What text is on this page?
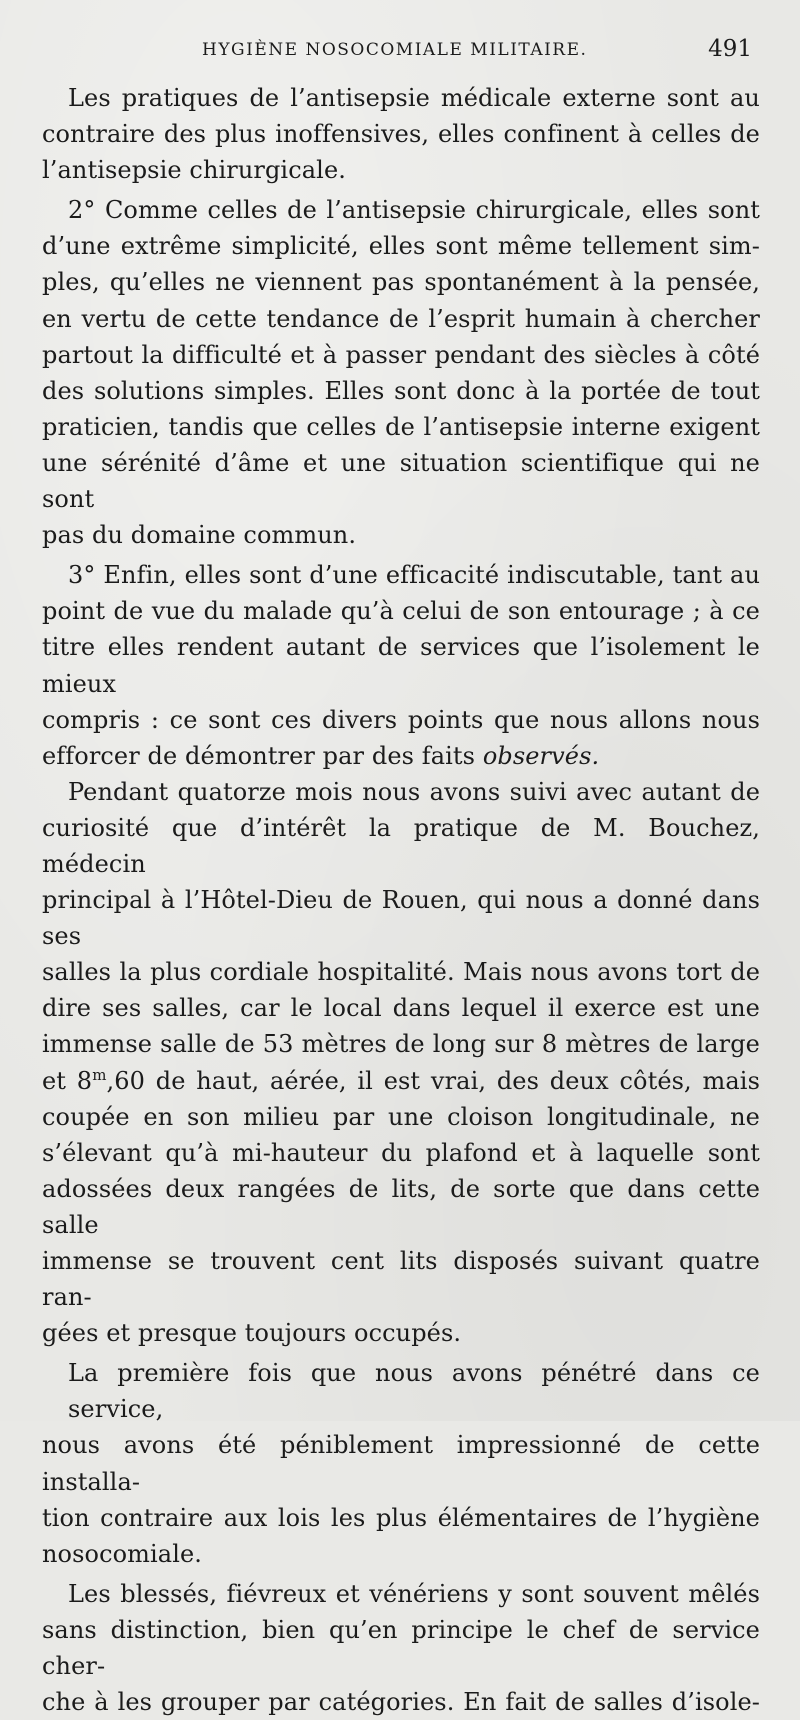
HYGIÈNE NOSOCOMIALE MILITAIRE.	491

Les pratiques de l’antisepsie médicale externe sont au
contraire des plus inoffensives, elles confinent à celles de
l’antisepsie chirurgicale.

2° Comme celles de l’antisepsie chirurgicale, elles sont
d’une extrême simplicité, elles sont même tellement sim-
ples, qu’elles ne viennent pas spontanément à la pensée,
en vertu de cette tendance de l’esprit humain à chercher
partout la difficulté et à passer pendant des siècles à côté
des solutions simples. Elles sont donc à la portée de tout
praticien, tandis que celles de l’antisepsie interne exigent
une sérénité d’âme et une situation scientifique qui ne sont
pas du domaine commun.

3° Enfin, elles sont d’une efficacité indiscutable, tant au
point de vue du malade qu’à celui de son entourage ; à ce
titre elles rendent autant de services que l’isolement le mieux
compris : ce sont ces divers points que nous allons nous
efforcer de démontrer par des faits observés.

Pendant quatorze mois nous avons suivi avec autant de
curiosité que d’intérêt la pratique de M. Bouchez, médecin
principal à l’Hôtel-Dieu de Rouen, qui nous a donné dans ses
salles la plus cordiale hospitalité. Mais nous avons tort de
dire ses salles, car le local dans lequel il exerce est une
immense salle de 53 mètres de long sur 8 mètres de large
et 8$^m$,60 de haut, aérée, il est vrai, des deux côtés, mais
coupée en son milieu par une cloison longitudinale, ne
s’élevant qu’à mi-hauteur du plafond et à laquelle sont
adossées deux rangées de lits, de sorte que dans cette salle
immense se trouvent cent lits disposés suivant quatre ran-
gées et presque toujours occupés.

La première fois que nous avons pénétré dans ce service,
nous avons été péniblement impressionné de cette installa-
tion contraire aux lois les plus élémentaires de l’hygiène
nosocomiale.

Les blessés, fiévreux et vénériens y sont souvent mêlés
sans distinction, bien qu’en principe le chef de service cher-
che à les grouper par catégories. En fait de salles d’isole-
